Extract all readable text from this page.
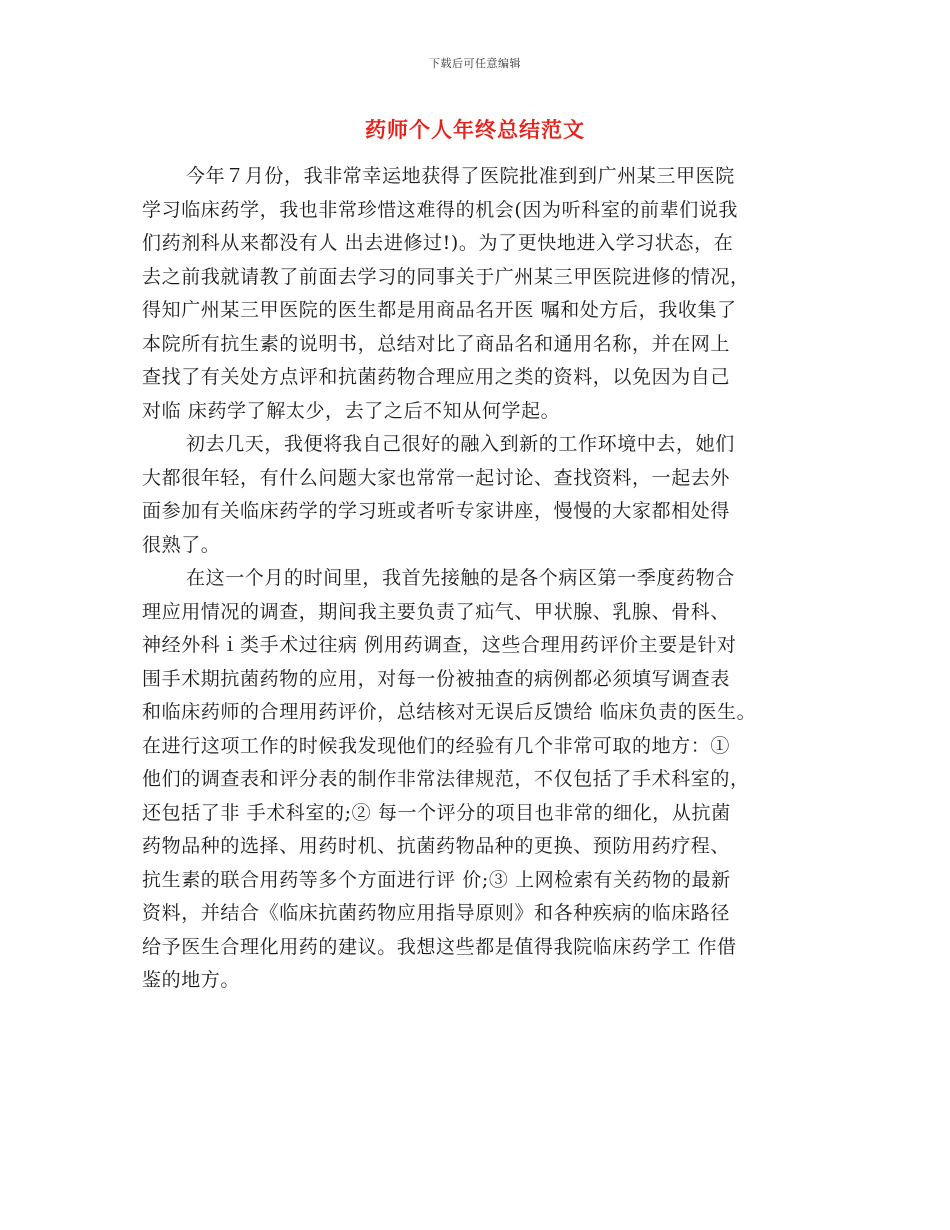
下载后可任意编辑
药师个人年终总结范文
今年７月份，我非常幸运地获得了医院批准到到广州某三甲医院
学习临床药学，我也非常珍惜这难得的机会(因为听科室的前辈们说我
们药剂科从来都没有人 出去进修过!)。为了更快地进入学习状态，在
去之前我就请教了前面去学习的同事关于广州某三甲医院进修的情况，
得知广州某三甲医院的医生都是用商品名开医 嘱和处方后，我收集了
本院所有抗生素的说明书，总结对比了商品名和通用名称，并在网上
查找了有关处方点评和抗菌药物合理应用之类的资料，以免因为自己
对临 床药学了解太少，去了之后不知从何学起。
初去几天，我便将我自己很好的融入到新的工作环境中去，她们
大都很年轻，有什么问题大家也常常一起讨论、查找资料，一起去外
面参加有关临床药学的学习班或者听专家讲座，慢慢的大家都相处得
很熟了。
在这一个月的时间里，我首先接触的是各个病区第一季度药物合
理应用情况的调查，期间我主要负责了疝气、甲状腺、乳腺、骨科、
神经外科ｉ类手术过往病 例用药调查，这些合理用药评价主要是针对
围手术期抗菌药物的应用，对每一份被抽查的病例都必须填写调查表
和临床药师的合理用药评价，总结核对无误后反馈给 临床负责的医生。
在进行这项工作的时候我发现他们的经验有几个非常可取的地方：①
他们的调查表和评分表的制作非常法律规范，不仅包括了手术科室的，
还包括了非 手术科室的;② 每一个评分的项目也非常的细化，从抗菌
药物品种的选择、用药时机、抗菌药物品种的更换、预防用药疗程、
抗生素的联合用药等多个方面进行评 价;③ 上网检索有关药物的最新
资料，并结合《临床抗菌药物应用指导原则》和各种疾病的临床路径
给予医生合理化用药的建议。我想这些都是值得我院临床药学工 作借
鉴的地方。
